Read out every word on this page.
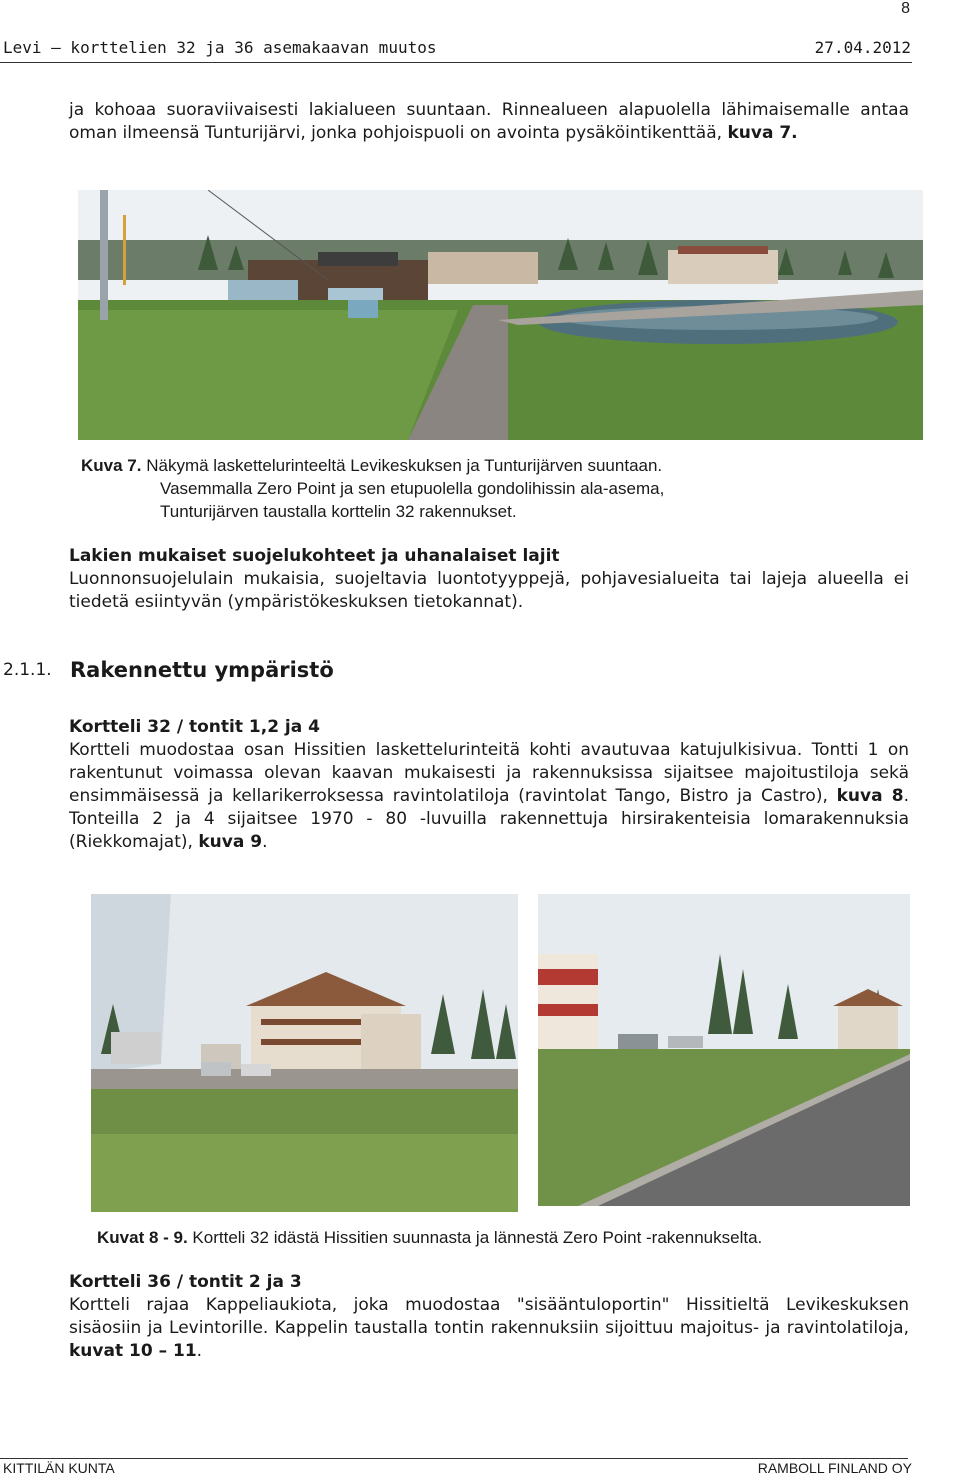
8
Levi – korttelien 32 ja 36 asemakaavan muutos	27.04.2012
ja kohoaa suoraviivaisesti lakialueen suuntaan. Rinnealueen alapuolella lähimaisemalle antaa oman ilmeensä Tunturijärvi, jonka pohjoispuoli on avointa pysäköintikenttää, kuva 7.
Kuva 7. Näkymä laskettelurinteeltä Levikeskuksen ja Tunturijärven suuntaan.
Vasemmalla Zero Point ja sen etupuolella gondolihissin ala-asema,
Tunturijärven taustalla korttelin 32 rakennukset.
Lakien mukaiset suojelukohteet ja uhanalaiset lajit
Luonnonsuojelulain mukaisia, suojeltavia luontotyyppejä, pohjavesialueita tai lajeja alueella ei tiedetä esiintyvän (ympäristökeskuksen tietokannat).
2.1.1. Rakennettu ympäristö
Kortteli 32 / tontit 1,2 ja 4
Kortteli muodostaa osan Hissitien laskettelurinteitä kohti avautuvaa katujulkisivua. Tontti 1 on rakentunut voimassa olevan kaavan mukaisesti ja rakennuksissa sijaitsee majoitustiloja sekä ensimmäisessä ja kellarikerroksessa ravintolatiloja (ravintolat Tango, Bistro ja Castro), kuva 8. Tonteilla 2 ja 4 sijaitsee 1970 - 80 -luvuilla rakennettuja hirsirakenteisia lomarakennuksia (Riekkomajat), kuva 9.
Kuvat 8 - 9. Kortteli 32 idästä Hissitien suunnasta ja lännestä Zero Point -rakennukselta.
Kortteli 36 / tontit 2 ja 3
Kortteli rajaa Kappeliaukiota, joka muodostaa "sisääntuloportin" Hissitieltä Levikeskuksen sisäosiin ja Levintorille. Kappelin taustalla tontin rakennuksiin sijoittuu majoitus- ja ravintolatiloja, kuvat 10 – 11.
KITTILÄN KUNTA	RAMBOLL FINLAND OY
